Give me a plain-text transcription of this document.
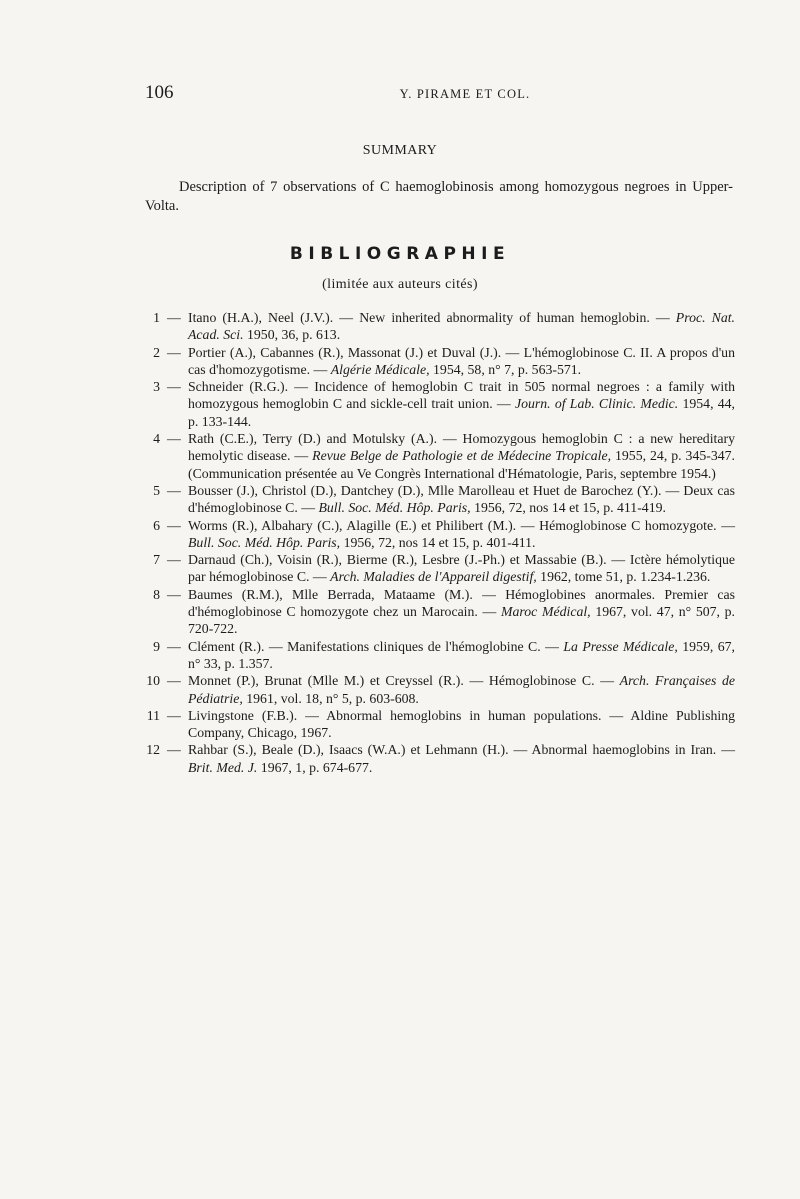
106	Y. PIRAME ET COL.
SUMMARY

Description of 7 observations of C haemoglobinosis among homozygous negroes in Upper-Volta.

BIBLIOGRAPHIE
(limitée aux auteurs cités)
1 — Itano (H.A.), Neel (J.V.). — New inherited abnormality of human hemoglobin. — Proc. Nat. Acad. Sci. 1950, 36, p. 613.
2 — Portier (A.), Cabannes (R.), Massonat (J.) et Duval (J.). — L'hémoglobinose C. II. A propos d'un cas d'homozygotisme. — Algérie Médicale, 1954, 58, n° 7, p. 563-571.
3 — Schneider (R.G.). — Incidence of hemoglobin C trait in 505 normal negroes : a family with homozygous hemoglobin C and sickle-cell trait union. — Journ. of Lab. Clinic. Medic. 1954, 44, p. 133-144.
4 — Rath (C.E.), Terry (D.) and Motulsky (A.). — Homozygous hemoglobin C : a new hereditary hemolytic disease. — Revue Belge de Pathologie et de Médecine Tropicale, 1955, 24, p. 345-347. (Communication présentée au Ve Congrès International d'Hématologie, Paris, septembre 1954.)
5 — Bousser (J.), Christol (D.), Dantchey (D.), Mlle Marolleau et Huet de Barochez (Y.). — Deux cas d'hémoglobinose C. — Bull. Soc. Méd. Hôp. Paris, 1956, 72, nos 14 et 15, p. 411-419.
6 — Worms (R.), Albahary (C.), Alagille (E.) et Philibert (M.). — Hémoglobinose C homozygote. — Bull. Soc. Méd. Hôp. Paris, 1956, 72, nos 14 et 15, p. 401-411.
7 — Darnaud (Ch.), Voisin (R.), Bierme (R.), Lesbre (J.-Ph.) et Massabie (B.). — Ictère hémolytique par hémoglobinose C. — Arch. Maladies de l'Appareil digestif, 1962, tome 51, p. 1.234-1.236.
8 — Baumes (R.M.), Mlle Berrada, Mataame (M.). — Hémoglobines anormales. Premier cas d'hémoglobinose C homozygote chez un Marocain. — Maroc Médical, 1967, vol. 47, n° 507, p. 720-722.
9 — Clément (R.). — Manifestations cliniques de l'hémoglobine C. — La Presse Médicale, 1959, 67, n° 33, p. 1.357.
10 — Monnet (P.), Brunat (Mlle M.) et Creyssel (R.). — Hémoglobinose C. — Arch. Françaises de Pédiatrie, 1961, vol. 18, n° 5, p. 603-608.
11 — Livingstone (F.B.). — Abnormal hemoglobins in human populations. — Aldine Publishing Company, Chicago, 1967.
12 — Rahbar (S.), Beale (D.), Isaacs (W.A.) et Lehmann (H.). — Abnormal haemoglobins in Iran. — Brit. Med. J. 1967, 1, p. 674-677.
